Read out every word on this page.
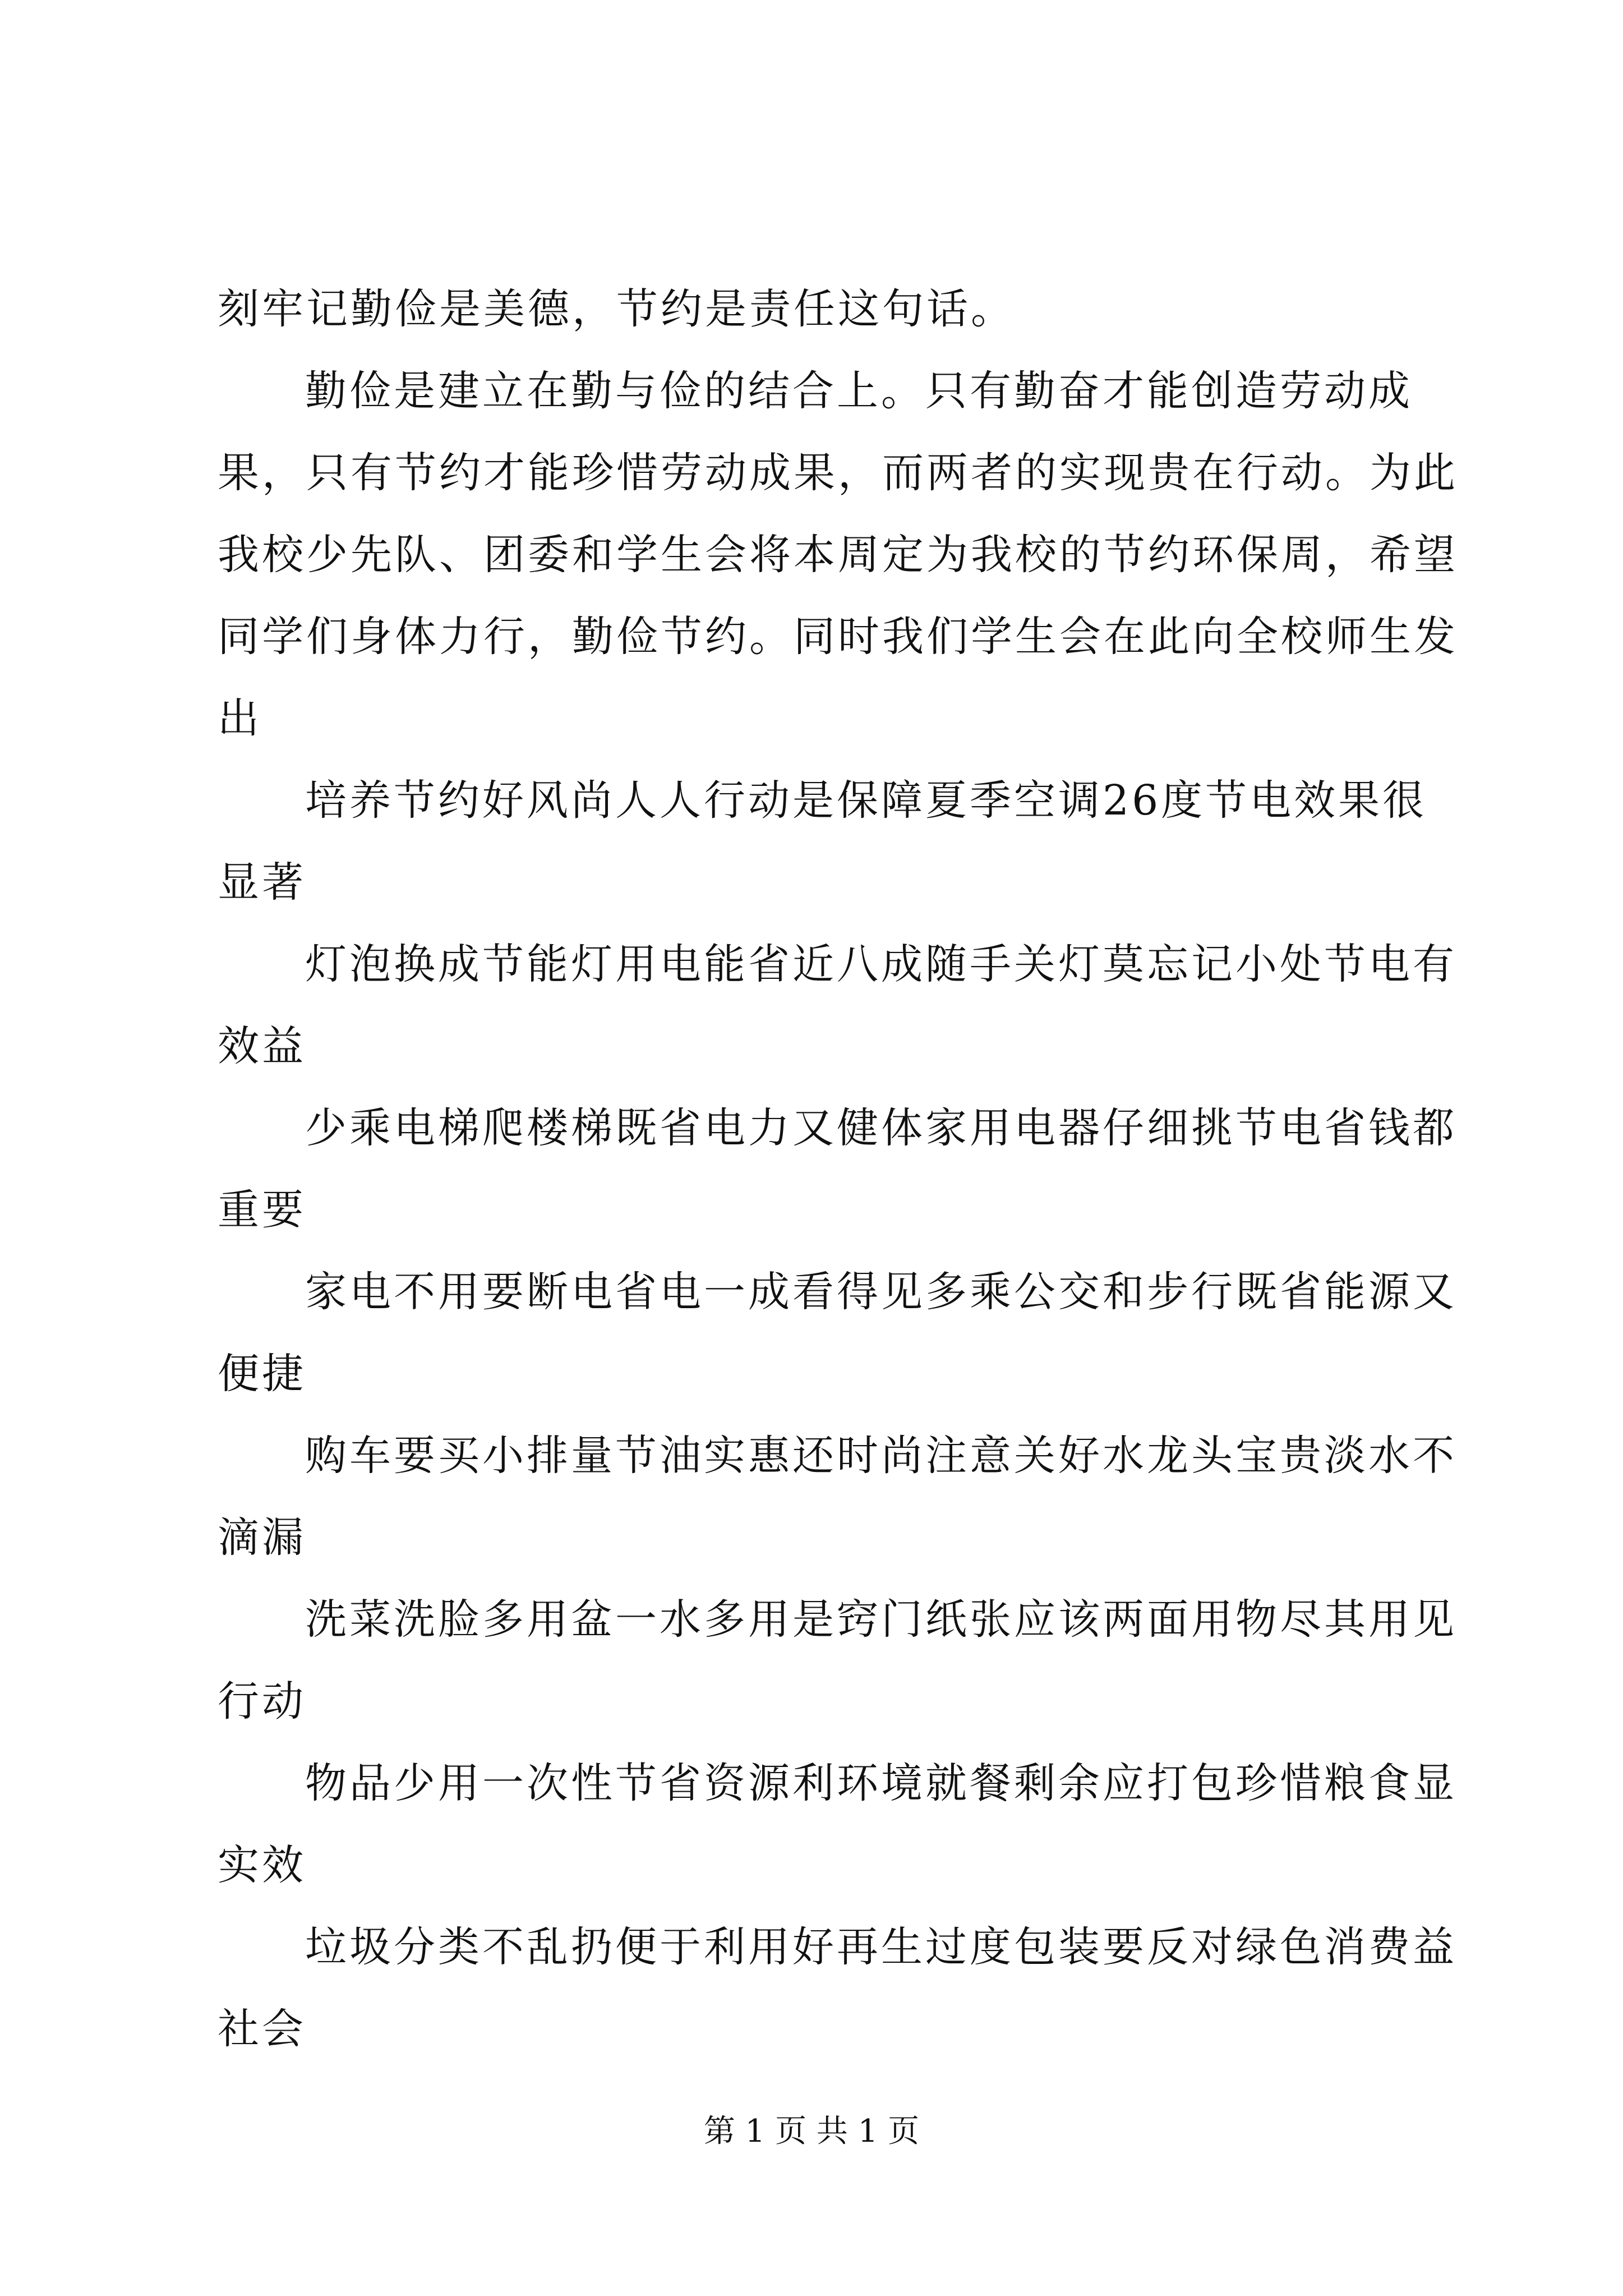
刻牢记勤俭是美德，节约是责任这句话。

勤俭是建立在勤与俭的结合上。只有勤奋才能创造劳动成果，只有节约才能珍惜劳动成果，而两者的实现贵在行动。为此我校少先队、团委和学生会将本周定为我校的节约环保周，希望同学们身体力行，勤俭节约。同时我们学生会在此向全校师生发出

培养节约好风尚人人行动是保障夏季空调26度节电效果很显著

灯泡换成节能灯用电能省近八成随手关灯莫忘记小处节电有效益

少乘电梯爬楼梯既省电力又健体家用电器仔细挑节电省钱都重要

家电不用要断电省电一成看得见多乘公交和步行既省能源又便捷

购车要买小排量节油实惠还时尚注意关好水龙头宝贵淡水不滴漏

洗菜洗脸多用盆一水多用是窍门纸张应该两面用物尽其用见行动

物品少用一次性节省资源利环境就餐剩余应打包珍惜粮食显实效

垃圾分类不乱扔便于利用好再生过度包装要反对绿色消费益社会

第 1 页 共 1 页
